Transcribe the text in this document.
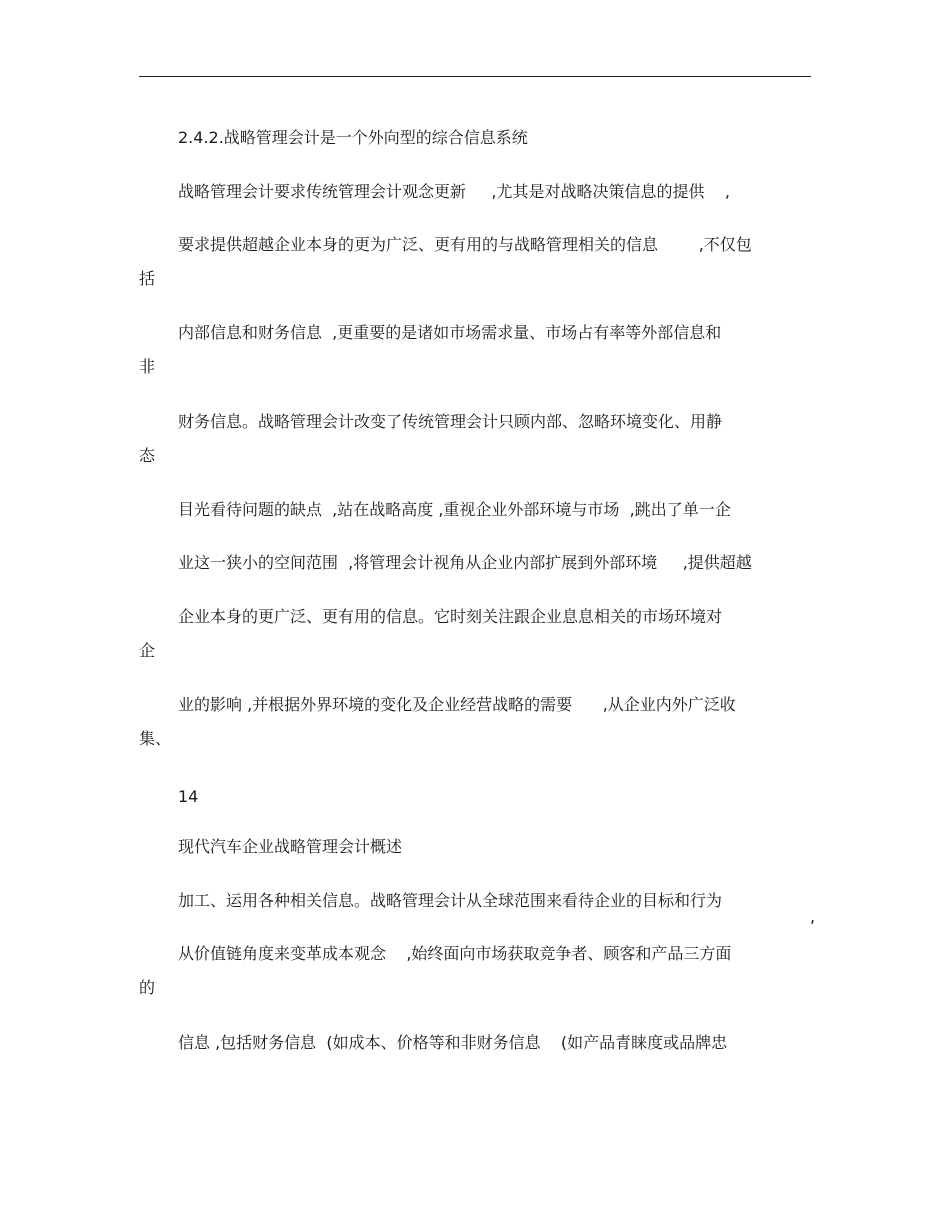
2.4.2.战略管理会计是一个外向型的综合信息系统

战略管理会计要求传统管理会计观念更新     ,尤其是对战略决策信息的提供    ,

要求提供超越企业本身的更为广泛、更有用的与战略管理相关的信息        ,不仅包

括

内部信息和财务信息  ,更重要的是诸如市场需求量、市场占有率等外部信息和

非

财务信息。战略管理会计改变了传统管理会计只顾内部、忽略环境变化、用静

态

目光看待问题的缺点  ,站在战略高度 ,重视企业外部环境与市场  ,跳出了单一企

业这一狭小的空间范围  ,将管理会计视角从企业内部扩展到外部环境     ,提供超越

企业本身的更广泛、更有用的信息。它时刻关注跟企业息息相关的市场环境对

企

业的影响 ,并根据外界环境的变化及企业经营战略的需要      ,从企业内外广泛收

集、

14

现代汽车企业战略管理会计概述

加工、运用各种相关信息。战略管理会计从全球范围来看待企业的目标和行为

,

从价值链角度来变革成本观念    ,始终面向市场获取竞争者、顾客和产品三方面

的

信息 ,包括财务信息  (如成本、价格等和非财务信息    (如产品青睐度或品牌忠
